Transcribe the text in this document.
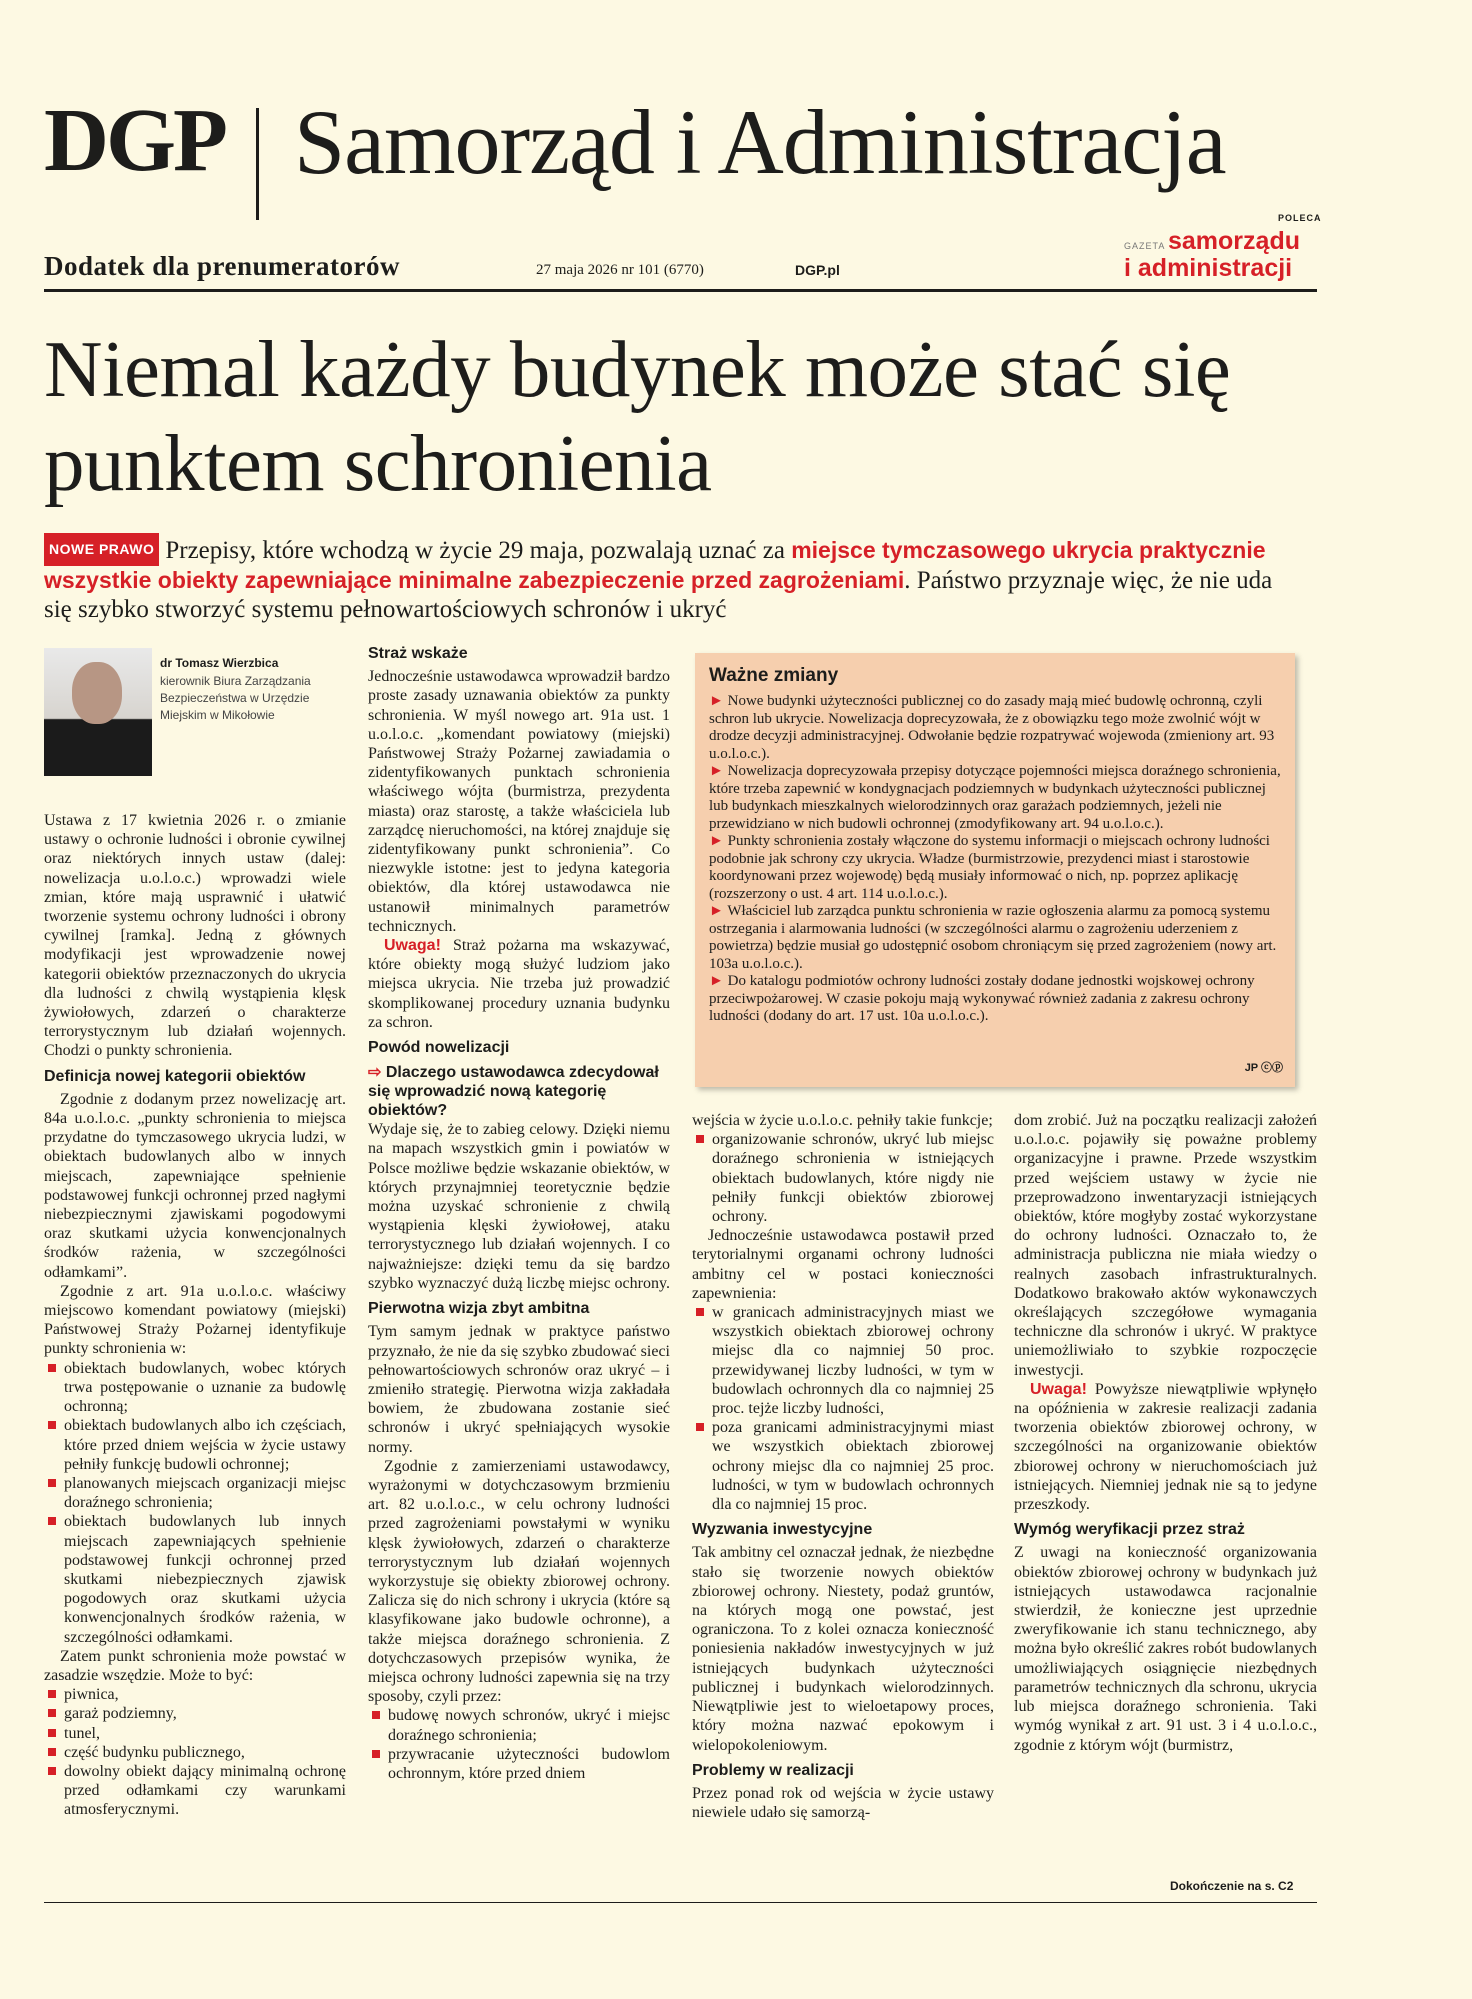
DGP Samorząd i Administracja
Dodatek dla prenumeratorów	27 maja 2026 nr 101 (6770)	DGP.pl
POLECA
GAZETA samorządu
i administracji
Niemal każdy budynek może stać się punktem schronienia
NOWE PRAWO Przepisy, które wchodzą w życie 29 maja, pozwalają uznać za miejsce tymczasowego ukrycia praktycznie wszystkie obiekty zapewniające minimalne zabezpieczenie przed zagrożeniami. Państwo przyznaje więc, że nie uda się szybko stworzyć systemu pełnowartościowych schronów i ukryć
dr Tomasz Wierzbica
kierownik Biura Zarządzania Bezpieczeństwa w Urzędzie Miejskim w Mikołowie

Ustawa z 17 kwietnia 2026 r. o zmianie ustawy o ochronie ludności i obronie cywilnej oraz niektórych innych ustaw (dalej: nowelizacja u.o.l.o.c.) wprowadzi wiele zmian, które mają usprawnić i ułatwić tworzenie systemu ochrony ludności i obrony cywilnej [ramka]. Jedną z głównych modyfikacji jest wprowadzenie nowej kategorii obiektów przeznaczonych do ukrycia dla ludności z chwilą wystąpienia klęsk żywiołowych, zdarzeń o charakterze terrorystycznym lub działań wojennych. Chodzi o punkty schronienia.

Definicja nowej kategorii obiektów

Zgodnie z dodanym przez nowelizację art. 84a u.o.l.o.c. „punkty schronienia to miejsca przydatne do tymczasowego ukrycia ludzi, w obiektach budowlanych albo w innych miejscach, zapewniające spełnienie podstawowej funkcji ochronnej przed nagłymi niebezpiecznymi zjawiskami pogodowymi oraz skutkami użycia konwencjonalnych środków rażenia, w szczególności odłamkami”.

Zgodnie z art. 91a u.o.l.o.c. właściwy miejscowo komendant powiatowy (miejski) Państwowej Straży Pożarnej identyfikuje punkty schronienia w:

obiektach budowlanych, wobec których trwa postępowanie o uznanie za budowlę ochronną;
obiektach budowlanych albo ich częściach, które przed dniem wejścia w życie ustawy pełniły funkcję budowli ochronnej;
planowanych miejscach organizacji miejsc doraźnego schronienia;
obiektach budowlanych lub innych miejscach zapewniających spełnienie podstawowej funkcji ochronnej przed skutkami niebezpiecznych zjawisk pogodowych oraz skutkami użycia konwencjonalnych środków rażenia, w szczególności odłamkami.

Zatem punkt schronienia może powstać w zasadzie wszędzie. Może to być:

piwnica,
garaż podziemny,
tunel,
część budynku publicznego,
dowolny obiekt dający minimalną ochronę przed odłamkami czy warunkami atmosferycznymi.
Straż wskaże

Jednocześnie ustawodawca wprowadził bardzo proste zasady uznawania obiektów za punkty schronienia. W myśl nowego art. 91a ust. 1 u.o.l.o.c. „komendant powiatowy (miejski) Państwowej Straży Pożarnej zawiadamia o zidentyfikowanych punktach schronienia właściwego wójta (burmistrza, prezydenta miasta) oraz starostę, a także właściciela lub zarządcę nieruchomości, na której znajduje się zidentyfikowany punkt schronienia”. Co niezwykle istotne: jest to jedyna kategoria obiektów, dla której ustawodawca nie ustanowił minimalnych parametrów technicznych.

Uwaga! Straż pożarna ma wskazywać, które obiekty mogą służyć ludziom jako miejsca ukrycia. Nie trzeba już prowadzić skomplikowanej procedury uznania budynku za schron.

Powód nowelizacji
⇨ Dlaczego ustawodawca zdecydował się wprowadzić nową kategorię obiektów?

Wydaje się, że to zabieg celowy. Dzięki niemu na mapach wszystkich gmin i powiatów w Polsce możliwe będzie wskazanie obiektów, w których przynajmniej teoretycznie będzie można uzyskać schronienie z chwilą wystąpienia klęski żywiołowej, ataku terrorystycznego lub działań wojennych. I co najważniejsze: dzięki temu da się bardzo szybko wyznaczyć dużą liczbę miejsc ochrony.

Pierwotna wizja zbyt ambitna

Tym samym jednak w praktyce państwo przyznało, że nie da się szybko zbudować sieci pełnowartościowych schronów oraz ukryć – i zmieniło strategię. Pierwotna wizja zakładała bowiem, że zbudowana zostanie sieć schronów i ukryć spełniających wysokie normy.

Zgodnie z zamierzeniami ustawodawcy, wyrażonymi w dotychczasowym brzmieniu art. 82 u.o.l.o.c., w celu ochrony ludności przed zagrożeniami powstałymi w wyniku klęsk żywiołowych, zdarzeń o charakterze terrorystycznym lub działań wojennych wykorzystuje się obiekty zbiorowej ochrony. Zalicza się do nich schrony i ukrycia (które są klasyfikowane jako budowle ochronne), a także miejsca doraźnego schronienia. Z dotychczasowych przepisów wynika, że miejsca ochrony ludności zapewnia się na trzy sposoby, czyli przez:

budowę nowych schronów, ukryć i miejsc doraźnego schronienia;
przywracanie użyteczności budowlom ochronnym, które przed dniem
Ważne zmiany

► Nowe budynki użyteczności publicznej co do zasady mają mieć budowlę ochronną, czyli schron lub ukrycie. Nowelizacja doprecyzowała, że z obowiązku tego może zwolnić wójt w drodze decyzji administracyjnej. Odwołanie będzie rozpatrywać wojewoda (zmieniony art. 93 u.o.l.o.c.).

► Nowelizacja doprecyzowała przepisy dotyczące pojemności miejsca doraźnego schronienia, które trzeba zapewnić w kondygnacjach podziemnych w budynkach użyteczności publicznej lub budynkach mieszkalnych wielorodzinnych oraz garażach podziemnych, jeżeli nie przewidziano w nich budowli ochronnej (zmodyfikowany art. 94 u.o.l.o.c.).

► Punkty schronienia zostały włączone do systemu informacji o miejscach ochrony ludności podobnie jak schrony czy ukrycia. Władze (burmistrzowie, prezydenci miast i starostowie koordynowani przez wojewodę) będą musiały informować o nich, np. poprzez aplikację (rozszerzony o ust. 4 art. 114 u.o.l.o.c.).

► Właściciel lub zarządca punktu schronienia w razie ogłoszenia alarmu za pomocą systemu ostrzegania i alarmowania ludności (w szczególności alarmu o zagrożeniu uderzeniem z powietrza) będzie musiał go udostępnić osobom chroniącym się przed zagrożeniem (nowy art. 103a u.o.l.o.c.).

► Do katalogu podmiotów ochrony ludności zostały dodane jednostki wojskowej ochrony przeciwpożarowej. W czasie pokoju mają wykonywać również zadania z zakresu ochrony ludności (dodany do art. 17 ust. 10a u.o.l.o.c.).

JP ⓒⓟ

wejścia w życie u.o.l.o.c. pełniły takie funkcje;

organizowanie schronów, ukryć lub miejsc doraźnego schronienia w istniejących obiektach budowlanych, które nigdy nie pełniły funkcji obiektów zbiorowej ochrony.

Jednocześnie ustawodawca postawił przed terytorialnymi organami ochrony ludności ambitny cel w postaci konieczności zapewnienia:

w granicach administracyjnych miast we wszystkich obiektach zbiorowej ochrony miejsc dla co najmniej 50 proc. przewidywanej liczby ludności, w tym w budowlach ochronnych dla co najmniej 25 proc. tejże liczby ludności,
poza granicami administracyjnymi miast we wszystkich obiektach zbiorowej ochrony miejsc dla co najmniej 25 proc. ludności, w tym w budowlach ochronnych dla co najmniej 15 proc.
Wyzwania inwestycyjne

Tak ambitny cel oznaczał jednak, że niezbędne stało się tworzenie nowych obiektów zbiorowej ochrony. Niestety, podaż gruntów, na których mogą one powstać, jest ograniczona. To z kolei oznacza konieczność poniesienia nakładów inwestycyjnych w już istniejących budynkach użyteczności publicznej i budynkach wielorodzinnych. Niewątpliwie jest to wieloetapowy proces, który można nazwać epokowym i wielopokoleniowym.

Problemy w realizacji

Przez ponad rok od wejścia w życie ustawy niewiele udało się samorzą-

dom zrobić. Już na początku realizacji założeń u.o.l.o.c. pojawiły się poważne problemy organizacyjne i prawne. Przede wszystkim przed wejściem ustawy w życie nie przeprowadzono inwentaryzacji istniejących obiektów, które mogłyby zostać wykorzystane do ochrony ludności. Oznaczało to, że administracja publiczna nie miała wiedzy o realnych zasobach infrastrukturalnych. Dodatkowo brakowało aktów wykonawczych określających szczegółowe wymagania techniczne dla schronów i ukryć. W praktyce uniemożliwiało to szybkie rozpoczęcie inwestycji.

Uwaga! Powyższe niewątpliwie wpłynęło na opóźnienia w zakresie realizacji zadania tworzenia obiektów zbiorowej ochrony, w szczególności na organizowanie obiektów zbiorowej ochrony w nieruchomościach już istniejących. Niemniej jednak nie są to jedyne przeszkody.

Wymóg weryfikacji przez straż

Z uwagi na konieczność organizowania obiektów zbiorowej ochrony w budynkach już istniejących ustawodawca racjonalnie stwierdził, że konieczne jest uprzednie zweryfikowanie ich stanu technicznego, aby można było określić zakres robót budowlanych umożliwiających osiągnięcie niezbędnych parametrów technicznych dla schronu, ukrycia lub miejsca doraźnego schronienia. Taki wymóg wynikał z art. 91 ust. 3 i 4 u.o.l.o.c., zgodnie z którym wójt (burmistrz,

Dokończenie na s. C2
